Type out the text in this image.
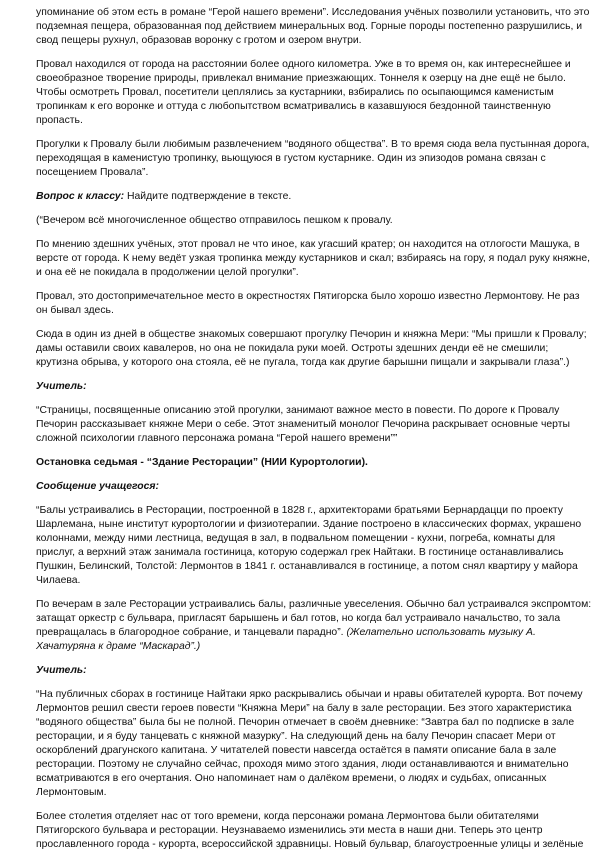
упоминание об этом есть в романе “Герой нашего времени”. Исследования учёных позволили установить, что это подземная пещера, образованная под действием минеральных вод. Горные породы постепенно разрушились, и свод пещеры рухнул, образовав воронку с гротом и озером внутри.

Провал находился от города на расстоянии более одного километра. Уже в то время он, как интереснейшее и своеобразное творение природы, привлекал внимание приезжающих. Тоннеля к озерцу на дне ещё не было. Чтобы осмотреть Провал, посетители цеплялись за кустарники, взбирались по осыпающимся каменистым тропинкам к его воронке и оттуда с любопытством всматривались в казавшуюся бездонной таинственную пропасть.

Прогулки к Провалу были любимым развлечением “водяного общества”. В то время сюда вела пустынная дорога, переходящая в каменистую тропинку, вьющуюся в густом кустарнике. Один из эпизодов романа связан с посещением Провала”.

Вопрос к классу: Найдите подтверждение в тексте.

(“Вечером всё многочисленное общество отправилось пешком к провалу.

По мнению здешних учёных, этот провал не что иное, как угасший кратер; он находится на отлогости Машука, в версте от города. К нему ведёт узкая тропинка между кустарников и скал; взбираясь на гору, я подал руку княжне, и она её не покидала в продолжении целой прогулки”.

Провал, это достопримечательное место в окрестностях Пятигорска было хорошо известно Лермонтову. Не раз он бывал здесь.

Сюда в один из дней в обществе знакомых совершают прогулку Печорин и княжна Мери: “Мы пришли к Провалу; дамы оставили своих кавалеров, но она не покидала руки моей. Остроты здешних денди её не смешили; крутизна обрыва, у которого она стояла, её не пугала, тогда как другие барышни пищали и закрывали глаза”.)

Учитель:

“Страницы, посвященные описанию этой прогулки, занимают важное место в повести. По дороге к Провалу Печорин рассказывает княжне Мери о себе. Этот знаменитый монолог Печорина раскрывает основные черты сложной психологии главного персонажа романа “Герой нашего времени””

Остановка седьмая - “Здание Ресторации” (НИИ Курортологии).

Сообщение учащегося:

“Балы устраивались в Ресторации, построенной в 1828 г., архитекторами братьями Бернардацци по проекту Шарлемана, ныне институт курортологии и физиотерапии. Здание построено в классических формах, украшено колоннами, между ними лестница, ведущая в зал, в подвальном помещении - кухни, погреба, комнаты для прислуг, а верхний этаж занимала гостиница, которую содержал грек Найтаки. В гостинице останавливались Пушкин, Белинский, Толстой: Лермонтов в 1841 г. останавливался в гостинице, а потом снял квартиру у майора Чилаева.

По вечерам в зале Ресторации устраивались балы, различные увеселения. Обычно бал устраивался экспромтом: затащат оркестр с бульвара, пригласят барышень и бал готов, но когда бал устраивало начальство, то зала превращалась в благородное собрание, и танцевали парадно”. (Желательно использовать музыку А. Хачатуряна к драме “Маскарад”.)

Учитель:

“На публичных сборах в гостинице Найтаки ярко раскрывались обычаи и нравы обитателей курорта. Вот почему Лермонтов решил свести героев повести “Княжна Мери” на балу в зале ресторации. Без этого характеристика “водяного общества” была бы не полной. Печорин отмечает в своём дневнике: “Завтра бал по подписке в зале ресторации, и я буду танцевать с княжной мазурку”. На следующий день на балу Печорин спасает Мери от оскорблений драгунского капитана. У читателей повести навсегда остаётся в памяти описание бала в зале ресторации. Поэтому не случайно сейчас, проходя мимо этого здания, люди останавливаются и внимательно всматриваются в его очертания. Оно напоминает нам о далёком времени, о людях и судьбах, описанных Лермонтовым.

Более столетия отделяет нас от того времени, когда персонажи романа Лермонтова были обитателями Пятигорского бульвара и ресторации. Неузнаваемо изменились эти места в наши дни. Теперь это центр прославленного города - курорта, всероссийской здравницы. Новый бульвар, благоустроенные улицы и зелёные
